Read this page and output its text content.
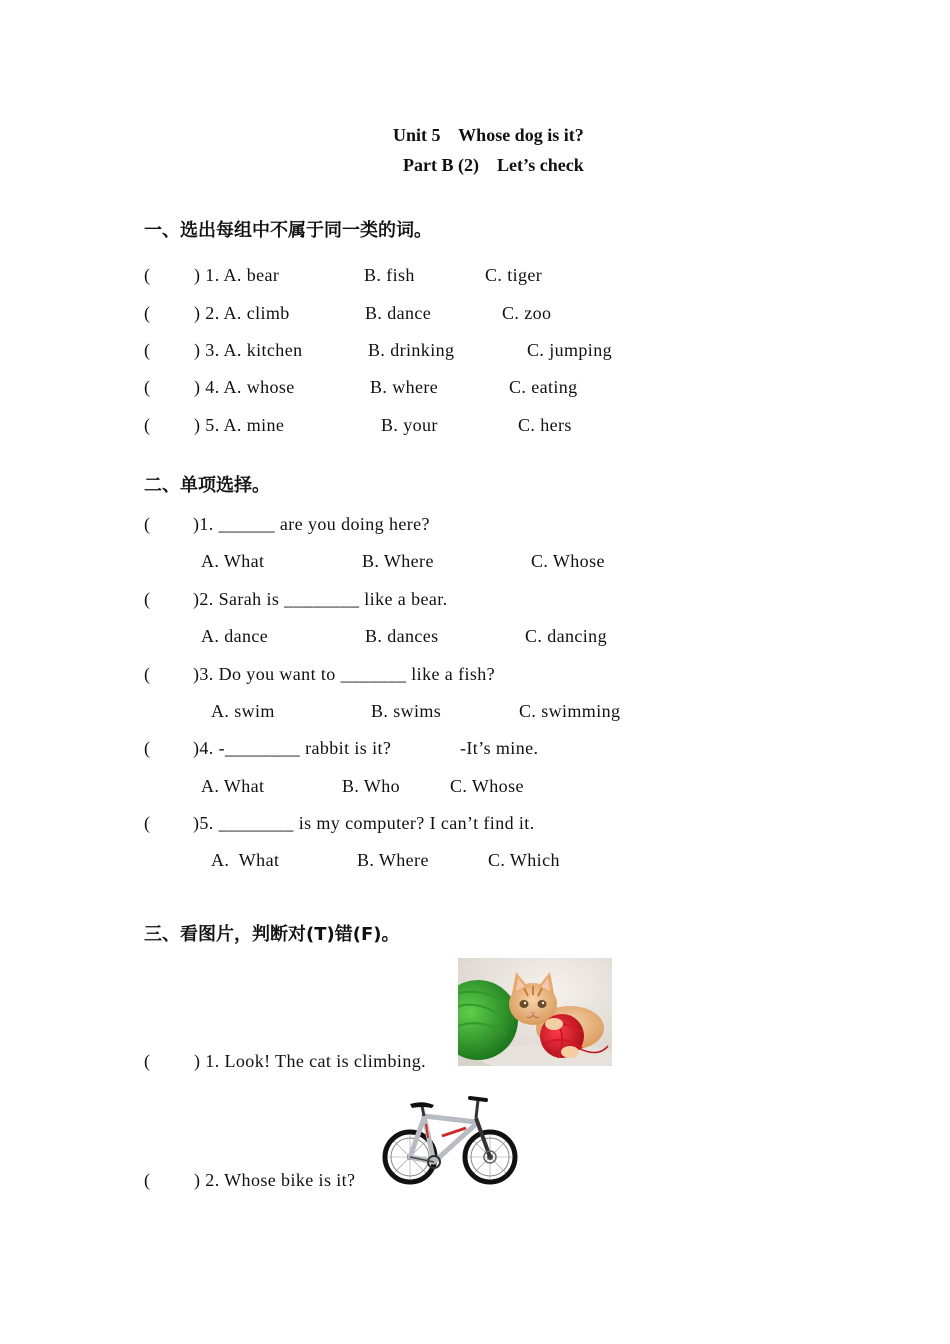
Unit 5    Whose dog is it?
Part B (2)    Let’s check
一、选出每组中不属于同一类的词。
( ) 1. A. bear	B. fish	C. tiger
( ) 2. A. climb	B. dance	C. zoo
( ) 3. A. kitchen	B. drinking	C. jumping
( ) 4. A. whose	B. where	C. eating
( ) 5. A. mine	B. your	C. hers
二、单项选择。
( )1. ______ are you doing here?
A. What	B. Where	C. Whose
( )2. Sarah is ________ like a bear.
A. dance	B. dances	C. dancing
( )3. Do you want to _______ like a fish?
A. swim	B. swims	C. swimming
( )4. -________ rabbit is it?	-It’s mine.
A. What	B. Who	C. Whose
( )5. ________ is my computer? I can’t find it.
A.  What	B. Where	C. Which
三、看图片，判断对(T)错(F)。
( ) 1. Look! The cat is climbing.
( ) 2. Whose bike is it?
